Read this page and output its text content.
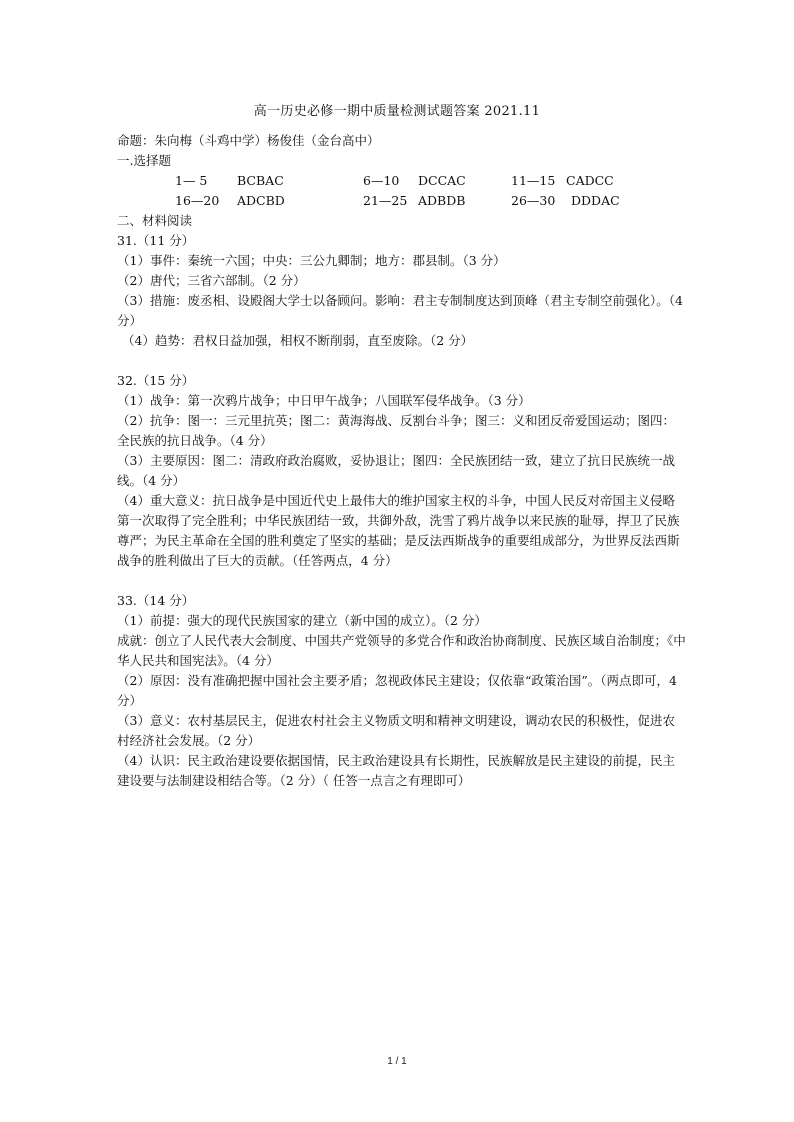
高一历史必修一期中质量检测试题答案 2021.11
命题：朱向梅（斗鸡中学）杨俊佳（金台高中）
一.选择题
1— 5	BCBAC	6—10	DCCAC	11—15 CADCC
16—20	ADCBD	21—25 ADBDB	26—30	DDDAC
二、材料阅读
31.（11 分）
（1）事件：秦统一六国；中央：三公九卿制；地方：郡县制。（3 分）
（2）唐代；三省六部制。（2 分）
（3）措施：废丞相、设殿阁大学士以备顾问。影响：君主专制制度达到顶峰（君主专制空前强化）。（4 分）
（4）趋势：君权日益加强，相权不断削弱，直至废除。（2 分）
32.（15 分）
（1）战争：第一次鸦片战争；中日甲午战争；八国联军侵华战争。（3 分）
（2）抗争：图一：三元里抗英；图二：黄海海战、反割台斗争；图三：义和团反帝爱国运动；图四：全民族的抗日战争。（4 分）
（3）主要原因：图二：清政府政治腐败，妥协退让；图四：全民族团结一致，建立了抗日民族统一战线。（4 分）
（4）重大意义：抗日战争是中国近代史上最伟大的维护国家主权的斗争，中国人民反对帝国主义侵略第一次取得了完全胜利；中华民族团结一致，共御外敌，洗雪了鸦片战争以来民族的耻辱，捍卫了民族尊严；为民主革命在全国的胜利奠定了坚实的基础；是反法西斯战争的重要组成部分，为世界反法西斯战争的胜利做出了巨大的贡献。（任答两点，4 分）
33.（14 分）
（1）前提：强大的现代民族国家的建立（新中国的成立）。（2 分）
成就：创立了人民代表大会制度、中国共产党领导的多党合作和政治协商制度、民族区域自治制度；《中华人民共和国宪法》。（4 分）
（2）原因：没有准确把握中国社会主要矛盾；忽视政体民主建设；仅依靠“政策治国”。（两点即可，4 分）
（3）意义：农村基层民主，促进农村社会主义物质文明和精神文明建设，调动农民的积极性，促进农村经济社会发展。（2 分）
（4）认识：民主政治建设要依据国情，民主政治建设具有长期性，民族解放是民主建设的前提，民主建设要与法制建设相结合等。（2 分）（ 任答一点言之有理即可）
1 / 1
